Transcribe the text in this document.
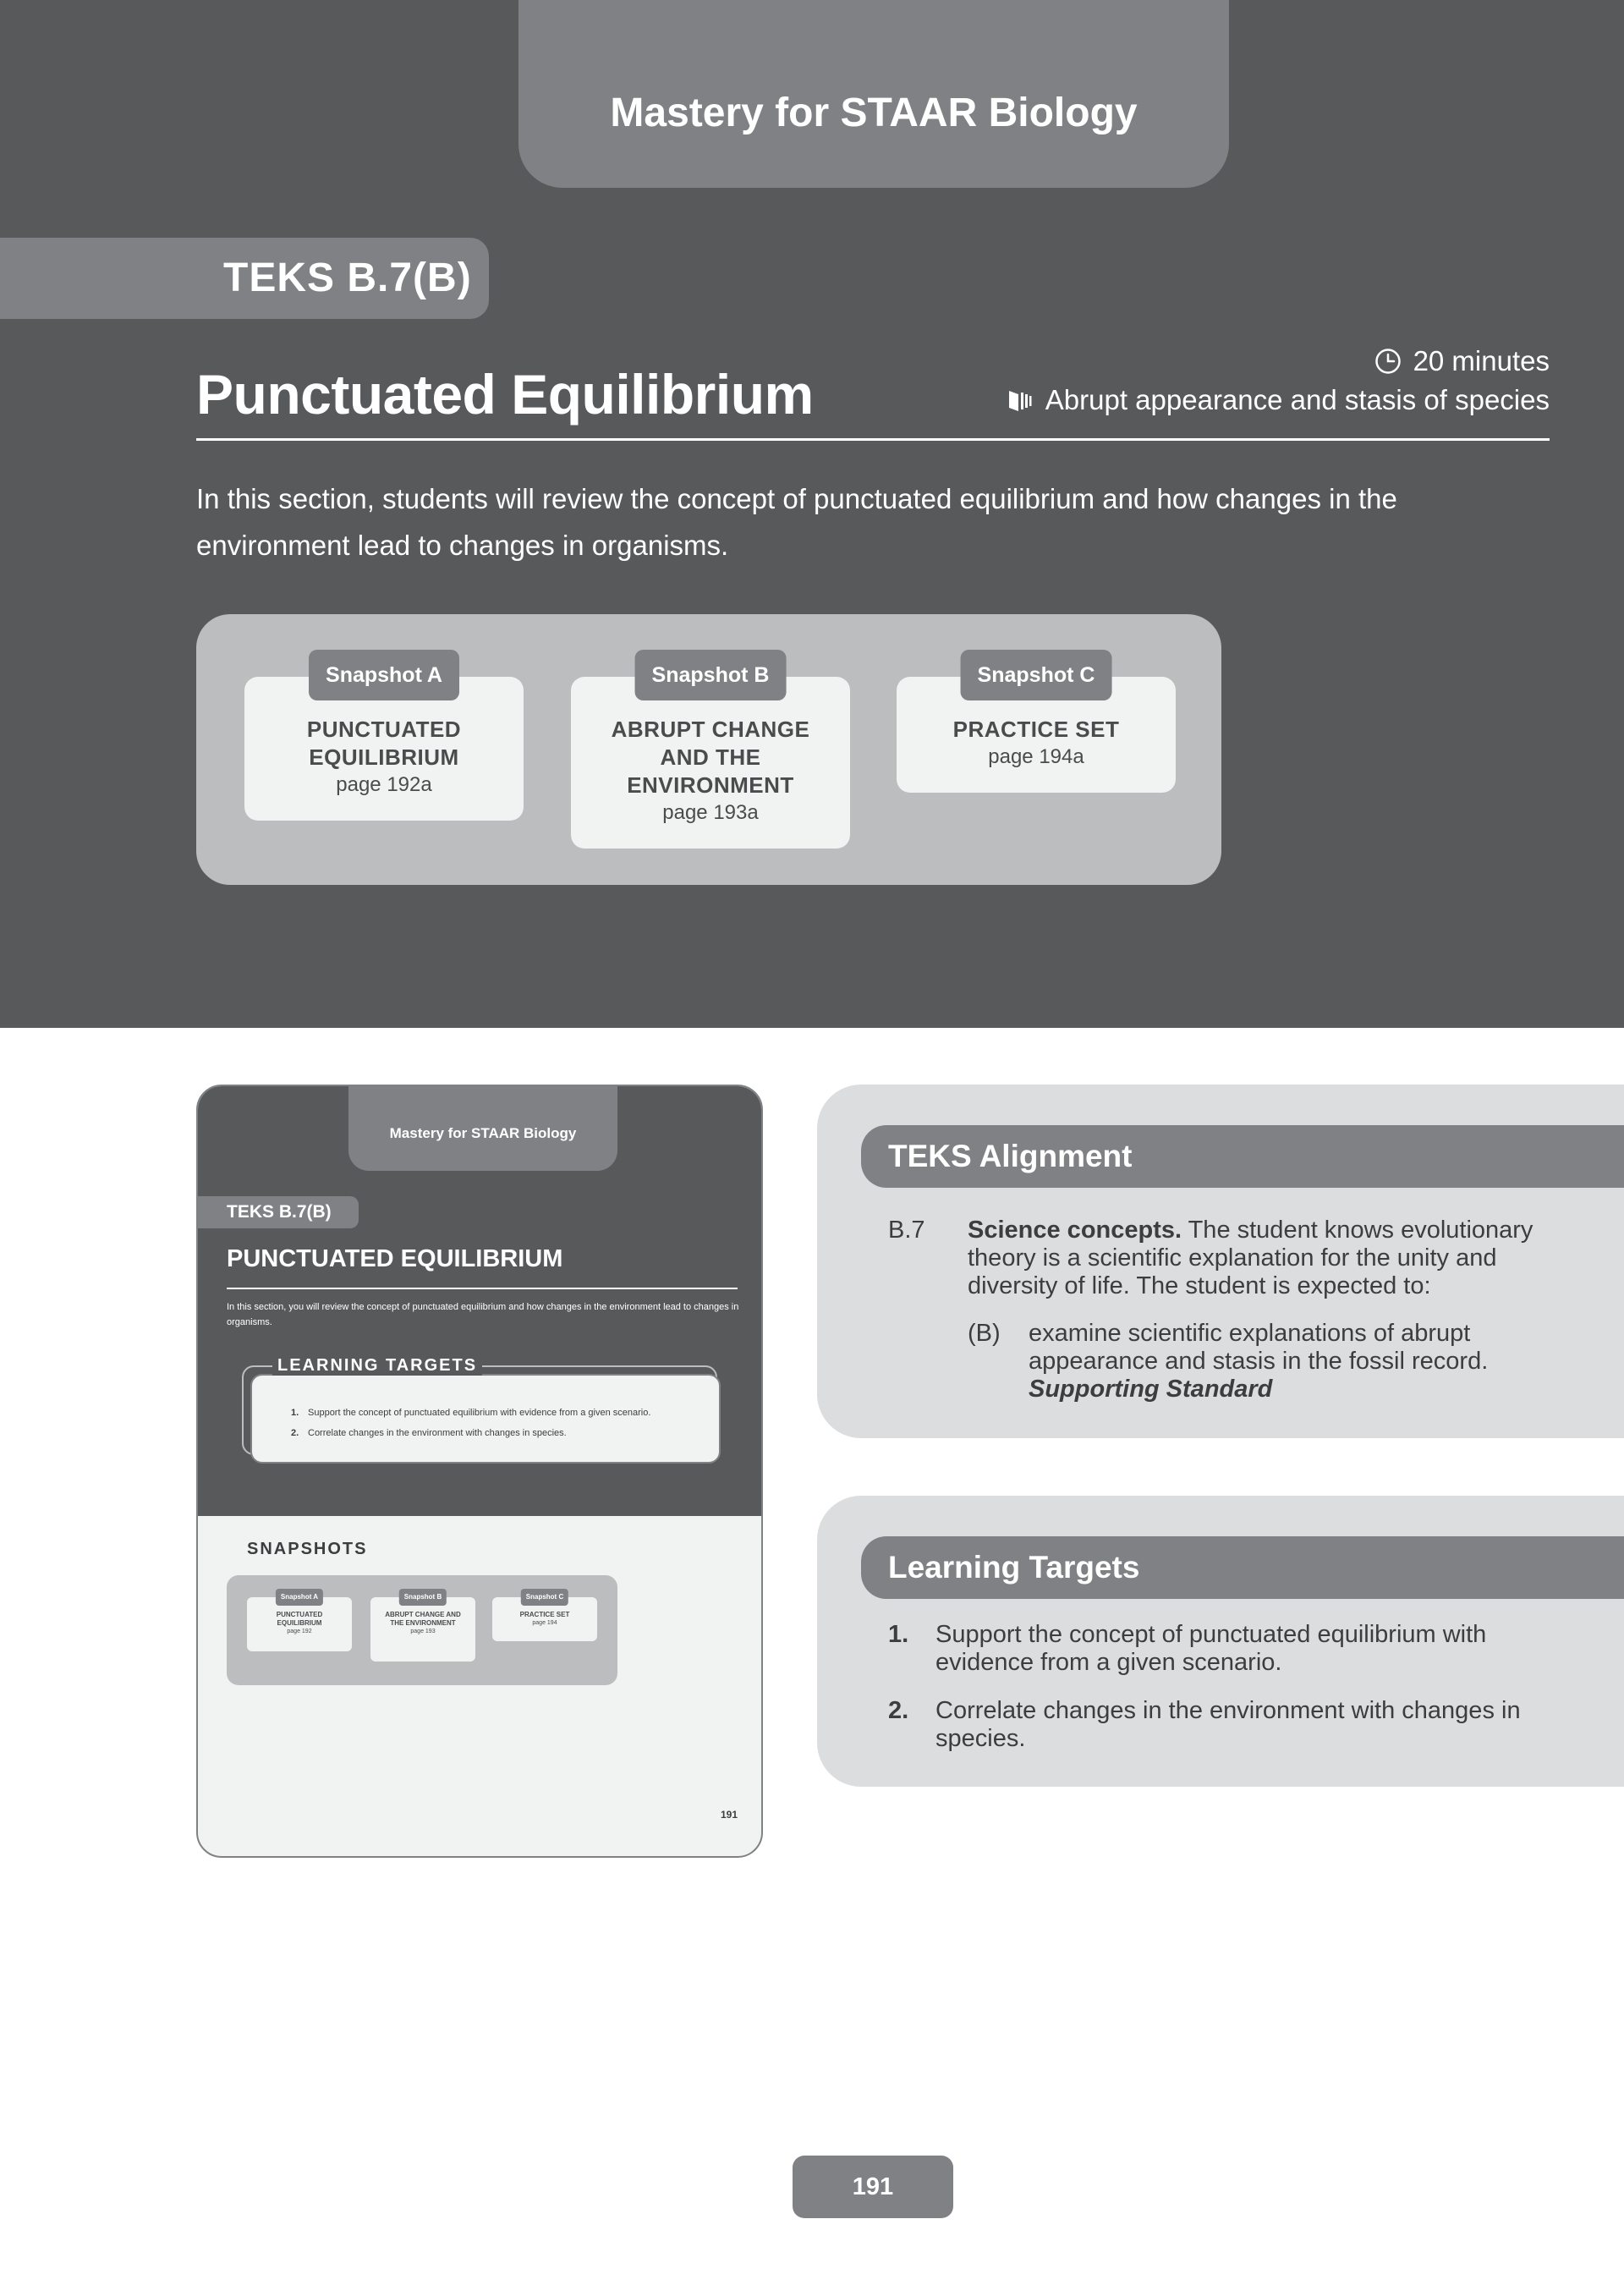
Mastery for STAAR Biology
TEKS B.7(B)
Punctuated Equilibrium
20 minutes
Abrupt appearance and stasis of species
In this section, students will review the concept of punctuated equilibrium and how changes in the environment lead to changes in organisms.
Snapshot A
PUNCTUATED EQUILIBRIUM
page 192a
Snapshot B
ABRUPT CHANGE AND THE ENVIRONMENT
page 193a
Snapshot C
PRACTICE SET
page 194a
Mastery for STAAR Biology
TEKS B.7(B)
PUNCTUATED EQUILIBRIUM
In this section, you will review the concept of punctuated equilibrium and how changes in the environment lead to changes in organisms.
LEARNING TARGETS
1. Support the concept of punctuated equilibrium with evidence from a given scenario.
2. Correlate changes in the environment with changes in species.
SNAPSHOTS
Snapshot A
PUNCTUATED EQUILIBRIUM
page 192
Snapshot B
ABRUPT CHANGE AND THE ENVIRONMENT
page 193
Snapshot C
PRACTICE SET
page 194
191
TEKS Alignment
B.7 Science concepts. The student knows evolutionary theory is a scientific explanation for the unity and diversity of life. The student is expected to:
(B) examine scientific explanations of abrupt appearance and stasis in the fossil record.
Supporting Standard
Learning Targets
1. Support the concept of punctuated equilibrium with evidence from a given scenario.
2. Correlate changes in the environment with changes in species.
191
